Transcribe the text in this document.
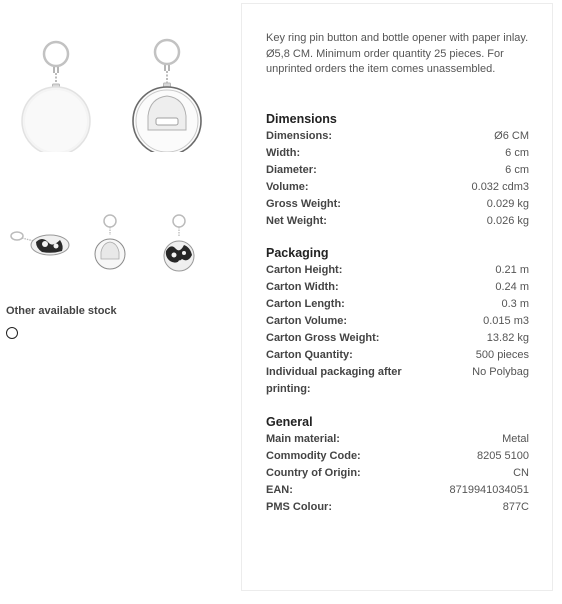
Other available stock

Key ring pin button and bottle opener with paper inlay. Ø5,8 CM. Minimum order quantity 25 pieces. For unprinted orders the item comes unassembled.

Dimensions
Dimensions:	Ø6 CM
Width:	6 cm
Diameter:	6 cm
Volume:	0.032 cdm3
Gross Weight:	0.029 kg
Net Weight:	0.026 kg
Packaging
Carton Height:	0.21 m
Carton Width:	0.24 m
Carton Length:	0.3 m
Carton Volume:	0.015 m3
Carton Gross Weight:	13.82 kg
Carton Quantity:	500 pieces
Individual packaging after printing:
No Polybag
General
Main material:	Metal
Commodity Code:	8205 5100
Country of Origin:	CN
EAN:	8719941034051
PMS Colour:	877C
